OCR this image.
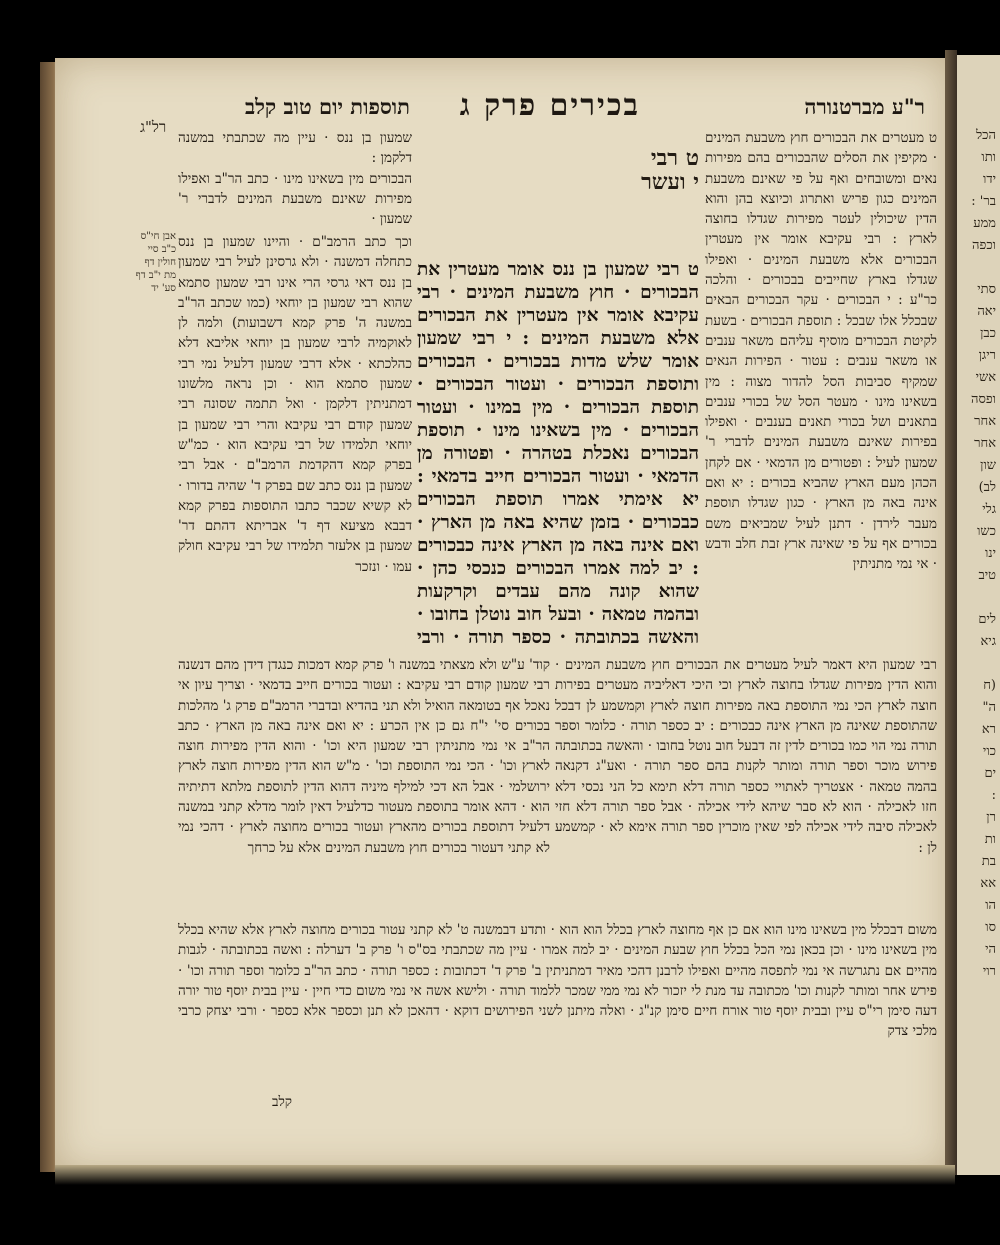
הכל
ותו
ידו
בר' :
ממע
וכפה

סתי
יאה
כבן
ריגן
אשי
ופסה
אחר
אחר
שון
לב)
גלי
כשו
ינו
טיב

לים
גיא

(ח
ה"
רא
כוי
ים
:
רן
ות
בת
אא
הו
סו
הי
רוי
ר"ע מברטנורה
בכירים פרק ג
תוספות יום טוב קלב
רל"ג

ט רבי
י ועשר

שמעון בן ננס · עיין מה שכתבתי במשנה דלקמן :
הבכורים מין בשאינו מינו · כתב הר"ב ואפילו מפירות שאינם משבעת המינים לדברי ר' שמעון ·
ט מעטרים את הבכורים חוץ משבעת המינים · מקיפין את הסלים שהבכורים בהם מפירות נאים ומשובחים ואף על פי שאינם משבעת המינים כגון פריש ואתרוג וכיוצא בהן והוא הדין שיכולין לעטר מפירות שגדלו בחוצה לארץ : רבי עקיבא אומר אין מעטרין הבכורים אלא משבעת המינים · ואפילו שגדלו בארץ שחייבים בבכורים · והלכה כר"ע : י הבכורים · עקר הבכורים הבאים שבכלל אלו שבכל : תוספת הבכורים · בשעת לקיטת הבכורים מוסיף עליהם משאר ענבים או משאר ענבים : עטור · הפירות הנאים שמקיף סביבות הסל להדור מצוה : מין בשאינו מינו · מעטר הסל של בכורי ענבים בתאנים ושל בכורי תאנים בענבים · ואפילו בפירות שאינם משבעת המינים לדברי ר' שמעון לעיל : ופטורים מן הדמאי · אם לקחן הכהן מעם הארץ שהביא בכורים : יא ואם אינה באה מן הארץ · כגון שגדלו תוספת מעבר לירדן · דתנן לעיל שמביאים משם בכורים אף על פי שאינה ארץ זבת חלב ודבש · אי נמי מתניתין
ט רבי שמעון בן ננס אומר מעטרין את הבכורים · חוץ משבעת המינים · רבי עקיבא אומר אין מעטרין את הבכורים אלא משבעת המינים : י רבי שמעון אומר שלש מדות בבכורים · הבכורים ותוספת הבכורים · ועטור הבכורים · תוספת הבכורים · מין במינו · ועטור הבכורים · מין בשאינו מינו · תוספת הבכורים נאכלת בטהרה · ופטורה מן הדמאי · ועטור הבכורים חייב בדמאי : יא אימתי אמרו תוספת הבכורים כבכורים · בזמן שהיא באה מן הארץ · ואם אינה באה מן הארץ אינה כבכורים : יב למה אמרו הבכורים כנכסי כהן · שהוא קונה מהם עבדים וקרקעות ובהמה טמאה · ובעל חוב נוטלן בחובו · והאשה בכתובתה · כספר תורה · ורבי
וכך כתב הרמב"ם · והיינו שמעון בן ננס כתחלה דמשנה · ולא גרסינן לעיל רבי שמעון בן ננס דאי גרסי הרי אינו רבי שמעון סתמא שהוא רבי שמעון בן יוחאי (כמו שכתב הר"ב במשנה ה' פרק קמא דשבועות) ולמה לן לאוקמיה לרבי שמעון בן יוחאי אליבא דלא כהלכתא · אלא דרבי שמעון דלעיל נמי רבי שמעון סתמא הוא · וכן נראה מלשונו דמתניתין דלקמן · ואל תתמה שסונה רבי שמעון קודם רבי עקיבא והרי רבי שמעון בן יוחאי תלמידו של רבי עקיבא הוא · כמ"ש בפרק קמא דהקדמת הרמב"ם · אבל רבי שמעון בן ננס כתב שם בפרק ד' שהיה בדורו · לא קשיא שכבר כתבו התוספות בפרק קמא דבבא מציעא דף ד' אבריתא דהתם דר' שמעון בן אלעזר תלמידו של רבי עקיבא חולק עמו · ונזכר
אבן חי"ס
כ"ב סיי
חולין דף
מת י"ב דף
סע' יד
רבי שמעון היא דאמר לעיל מעטרים את הבכורים חוץ משבעת המינים · והוא הדין מפירות שגדלו בחוצה לארץ וכי היכי דאליביה מעטרים בפירות חוצה לארץ הכי נמי התוספת באה מפירות חוצה לארץ וקמשמע לן דבכל שהתוספת שאינה מן הארץ אינה כבכורים : יב כספר תורה · כלומר וספר תורה נמי הוי כמו בכורים לדין זה דבעל חוב נוטל בחובו · והאשה בכתובתה פירוש מוכר וספר תורה ומותר לקנות בהם ספר תורה · ואע"ג דקנאה בהמה טמאה · אצטריך לאתויי כספר תורה דלא תימא כל הני נכסי דלא חזו לאכילה · הוא לא סבר שיהא לידי אכילה · אבל ספר תורה דלא חזי לאכילה סיבה לידי אכילה לפי שאין מוכרין ספר תורה אימא לא · קמשמע לן :
קוד' ע"ש ולא מצאתי במשנה ו' פרק קמא דמכות כנגדן דידן מהם דנשנה רבי שמעון קודם רבי עקיבא : ועטור בכורים חייב בדמאי · וצריך עיון אי נאכל אף בטומאה הואיל ולא תני בהדיא ובדברי הרמב"ם פרק ג' מהלכות בכורים סי' י"ח גם כן אין הכרע : יא ואם אינה באה מן הארץ · כתב הר"ב אי נמי מתניתין רבי שמעון היא וכו' · והוא הדין מפירות חוצה לארץ וכו' · הכי נמי התוספת וכו' · מ"ש הוא הדין מפירות חוצה לארץ ירושלמי · אבל הא דכי למילף מיניה דהוא הדין לתוספת מלתא דתיתיה הוא · דהא אומר בתוספת מעטור כדלעיל דאין לומר מדלא קתני במשנה דלעיל דתוספת בכורים מהארץ ועטור בכורים מחוצה לארץ · דהכי נמי לא קתני דעטור בכורים חוץ משבעת המינים אלא על כרחך
משום דבכלל מין בשאינו מינו הוא אם כן אף מחוצה לארץ בכלל הוא הוא · ותדע דבמשנה ט' לא קתני עטור בכורים מחוצה לארץ אלא שהיא בכלל מין בשאינו מינו · וכן בכאן נמי הכל בכלל חוץ שבעת המינים · יב למה אמרו · עיין מה שכתבתי בס"ס ו' פרק ב' דערלה : ואשה בכתובתה · לגבות מהיים אם נתגרשה אי נמי לתפסה מהיים ואפילו לרבנן דהכי מאיר דמתניתין ב' פרק ד' דכתובות : כספר תורה · כתב הר"ב כלומר וספר תורה וכו' · פירש אחר ומותר לקנות וכו' מכתובה עד מנת לי יזכור לא נמי ממי שמכר ללמוד תורה · ולישא אשה אי נמי משום כדי חיין · עיין בבית יוסף טור יורה דעה סימן רי"ס עיין ובבית יוסף טור אורח חיים סימן קנ"ג · ואלה מיתנן לשני הפירושים דוקא · דהאכן לא תנן וכספר אלא כספר · ורבי יצחק כרבי מלכי צדק
קלב
